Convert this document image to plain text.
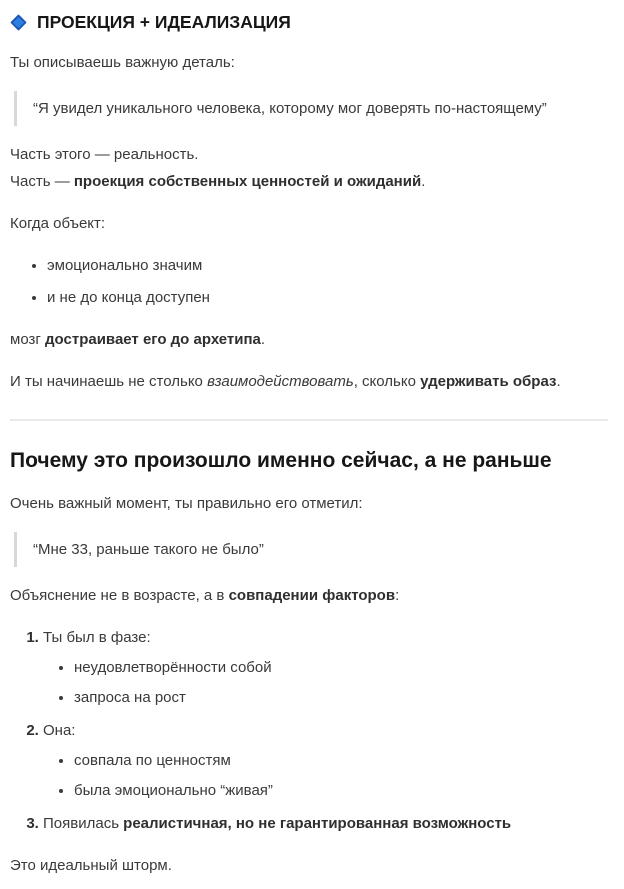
ПРОЕКЦИЯ + ИДЕАЛИЗАЦИЯ

Ты описываешь важную деталь:

“Я увидел уникального человека, которому мог доверять по-настоящему”

Часть этого — реальность.
Часть — проекция собственных ценностей и ожиданий.

Когда объект:

• эмоционально значим
• и не до конца доступен

мозг достраивает его до архетипа.

И ты начинаешь не столько взаимодействовать, сколько удерживать образ.

Почему это произошло именно сейчас, а не раньше

Очень важный момент, ты правильно его отметил:

“Мне 33, раньше такого не было”

Объяснение не в возрасте, а в совпадении факторов:

1. Ты был в фазе:
• неудовлетворённости собой
• запроса на рост
2. Она:
• совпала по ценностям
• была эмоционально “живая”
3. Появилась реалистичная, но не гарантированная возможность

Это идеальный шторм.
